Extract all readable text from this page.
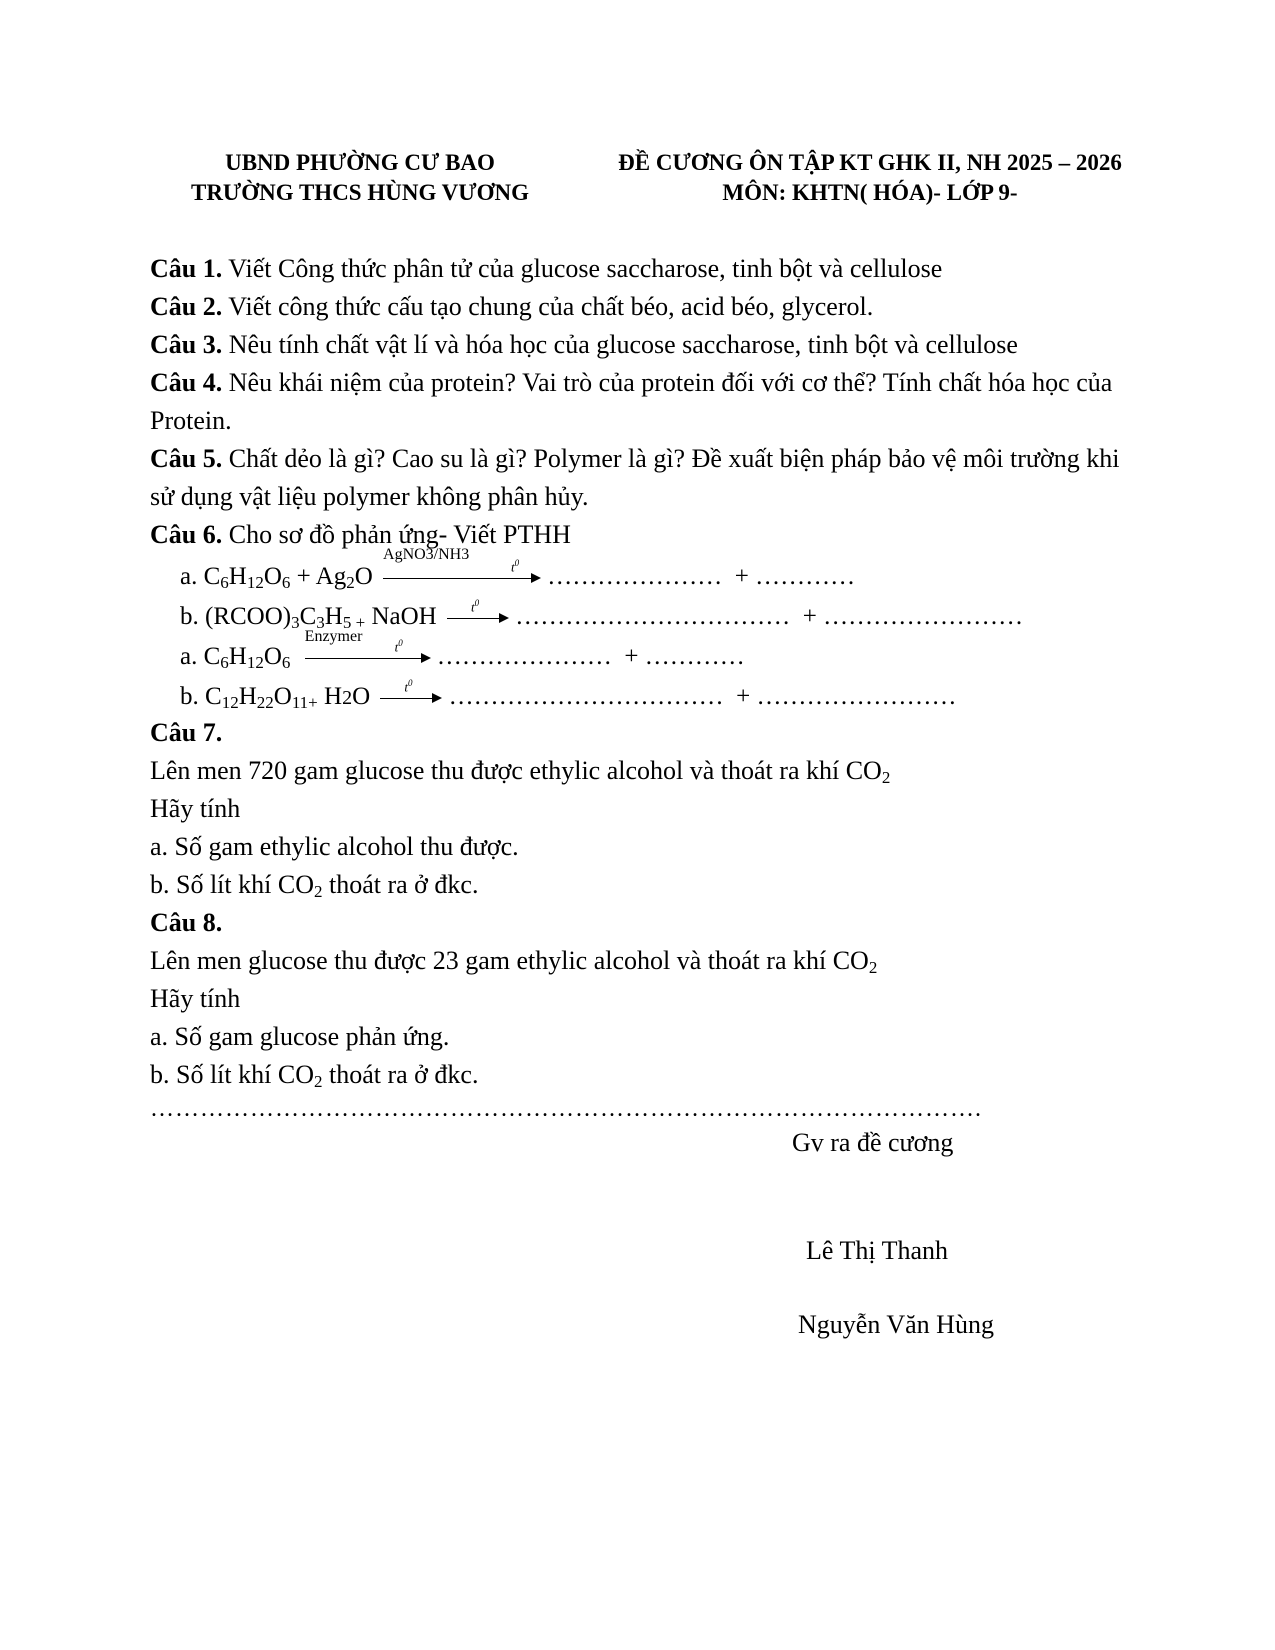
UBND PHƯỜNG CƯ BAO
TRƯỜNG THCS HÙNG VƯƠNG
ĐỀ CƯƠNG ÔN TẬP KT GHK II, NH 2025 – 2026
MÔN: KHTN( HÓA)- LỚP 9-

Câu 1. Viết Công thức phân tử của glucose saccharose, tinh bột và cellulose

Câu 2. Viết công thức cấu tạo chung của chất béo, acid béo, glycerol.

Câu 3. Nêu tính chất vật lí và hóa học của glucose saccharose, tinh bột và cellulose

Câu 4. Nêu khái niệm của protein? Vai trò của protein đối với cơ thể? Tính chất hóa học của Protein.

Câu 5. Chất dẻo là gì? Cao su là gì? Polymer là gì? Đề xuất biện pháp bảo vệ môi trường khi sử dụng vật liệu polymer không phân hủy.

Câu 6. Cho sơ đồ phản ứng- Viết PTHH

a. $C_6H_{12}O_6 + Ag_2O$
AgNO3/NH3
$t^0$ ………………… + …………
b. $(RCOO)_3C_3H_{5 +}$ NaOH	$t^0$ …………………………… + ……………………
a. $C_6H_{12}O_6$
Enzymer
$t^0$ ………………… + …………
b. $C_{12}H_{22}O_{11+}$ H2O $t^0$ …………………………… + ……………………

Câu 7.

Lên men 720 gam glucose thu được ethylic alcohol và thoát ra khí $CO_2$

Hãy tính

a. Số gam ethylic alcohol thu được.

b. Số lít khí $CO_2$ thoát ra ở đkc.

Câu 8.

Lên men glucose thu được 23 gam ethylic alcohol và thoát ra khí $CO_2$

Hãy tính

a. Số gam glucose phản ứng.

b. Số lít khí $CO_2$ thoát ra ở đkc.

……………………………………………………………………………………….
Gv ra đề cương
Lê Thị Thanh
Nguyễn Văn Hùng
